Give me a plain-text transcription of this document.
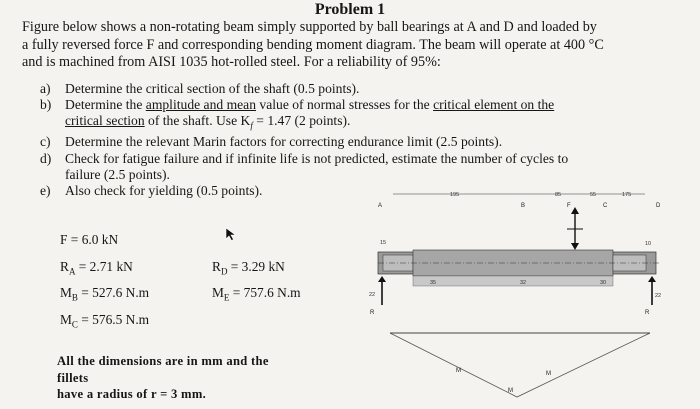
Problem 1
Figure below shows a non-rotating beam simply supported by ball bearings at A and D and loaded by
a fully reversed force F and corresponding bending moment diagram. The beam will operate at 400 °C
and is machined from AISI 1035 hot-rolled steel. For a reliability of 95%:
a) Determine the critical section of the shaft (0.5 points).
b) Determine the amplitude and mean value of normal stresses for the critical element on the
critical section of the shaft. Use $K_f = 1.47$ (2 points).
c) Determine the relevant Marin factors for correcting endurance limit (2.5 points).
d) Check for fatigue failure and if infinite life is not predicted, estimate the number of cycles to
failure (2.5 points).
e) Also check for yielding (0.5 points).
F = 6.0 kN
$R_A = 2.71$ kN
$M_B = 527.6$ N.m
$M_C = 576.5$ N.m
$R_D = 3.29$ kN
$M_E = 757.6$ N.m
All the dimensions are in mm and the fillets
have a radius of r = 3 mm.
195	85	55	175
A	B	F	C	D
15	10
35	32	30
22	22
R	R
M
M
M
